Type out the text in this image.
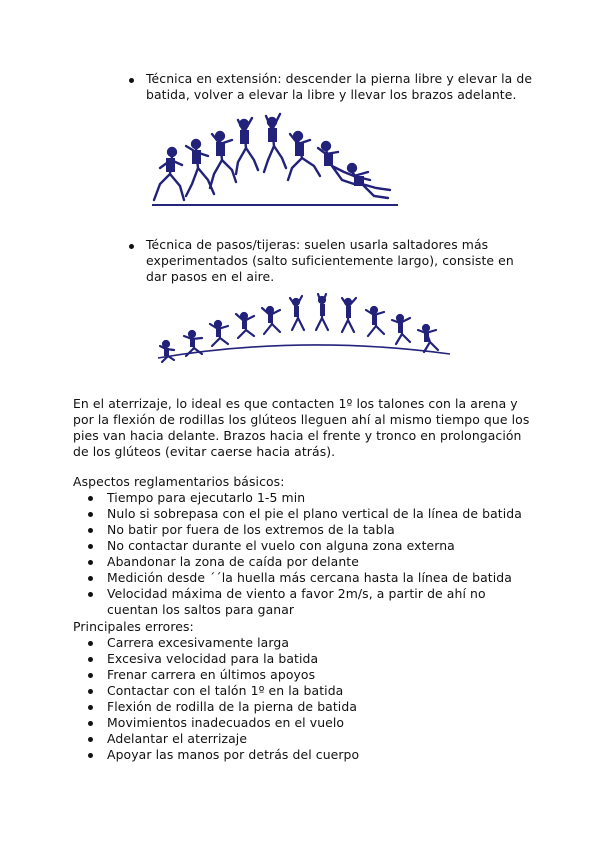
Técnica en extensión: descender la pierna libre y elevar la de batida, volver a elevar la libre y llevar los brazos adelante.

Técnica de pasos/tijeras: suelen usarla saltadores más experimentados (salto suficientemente largo), consiste en dar pasos en el aire.

En el aterrizaje, lo ideal es que contacten 1º los talones con la arena y por la flexión de rodillas los glúteos lleguen ahí al mismo tiempo que los pies van hacia delante. Brazos hacia el frente y tronco en prolongación de los glúteos (evitar caerse hacia atrás).

Aspectos reglamentarios básicos:

Tiempo para ejecutarlo 1-5 min
Nulo si sobrepasa con el pie el plano vertical de la línea de batida
No batir por fuera de los extremos de la tabla
No contactar durante el vuelo con alguna zona externa
Abandonar la zona de caída por delante
Medición desde ´´la huella más cercana hasta la línea de batida
Velocidad máxima de viento a favor 2m/s, a partir de ahí no cuentan los saltos para ganar

Principales errores:

Carrera excesivamente larga
Excesiva velocidad para la batida
Frenar carrera en últimos apoyos
Contactar con el talón 1º en la batida
Flexión de rodilla de la pierna de batida
Movimientos inadecuados en el vuelo
Adelantar el aterrizaje
Apoyar las manos por detrás del cuerpo
